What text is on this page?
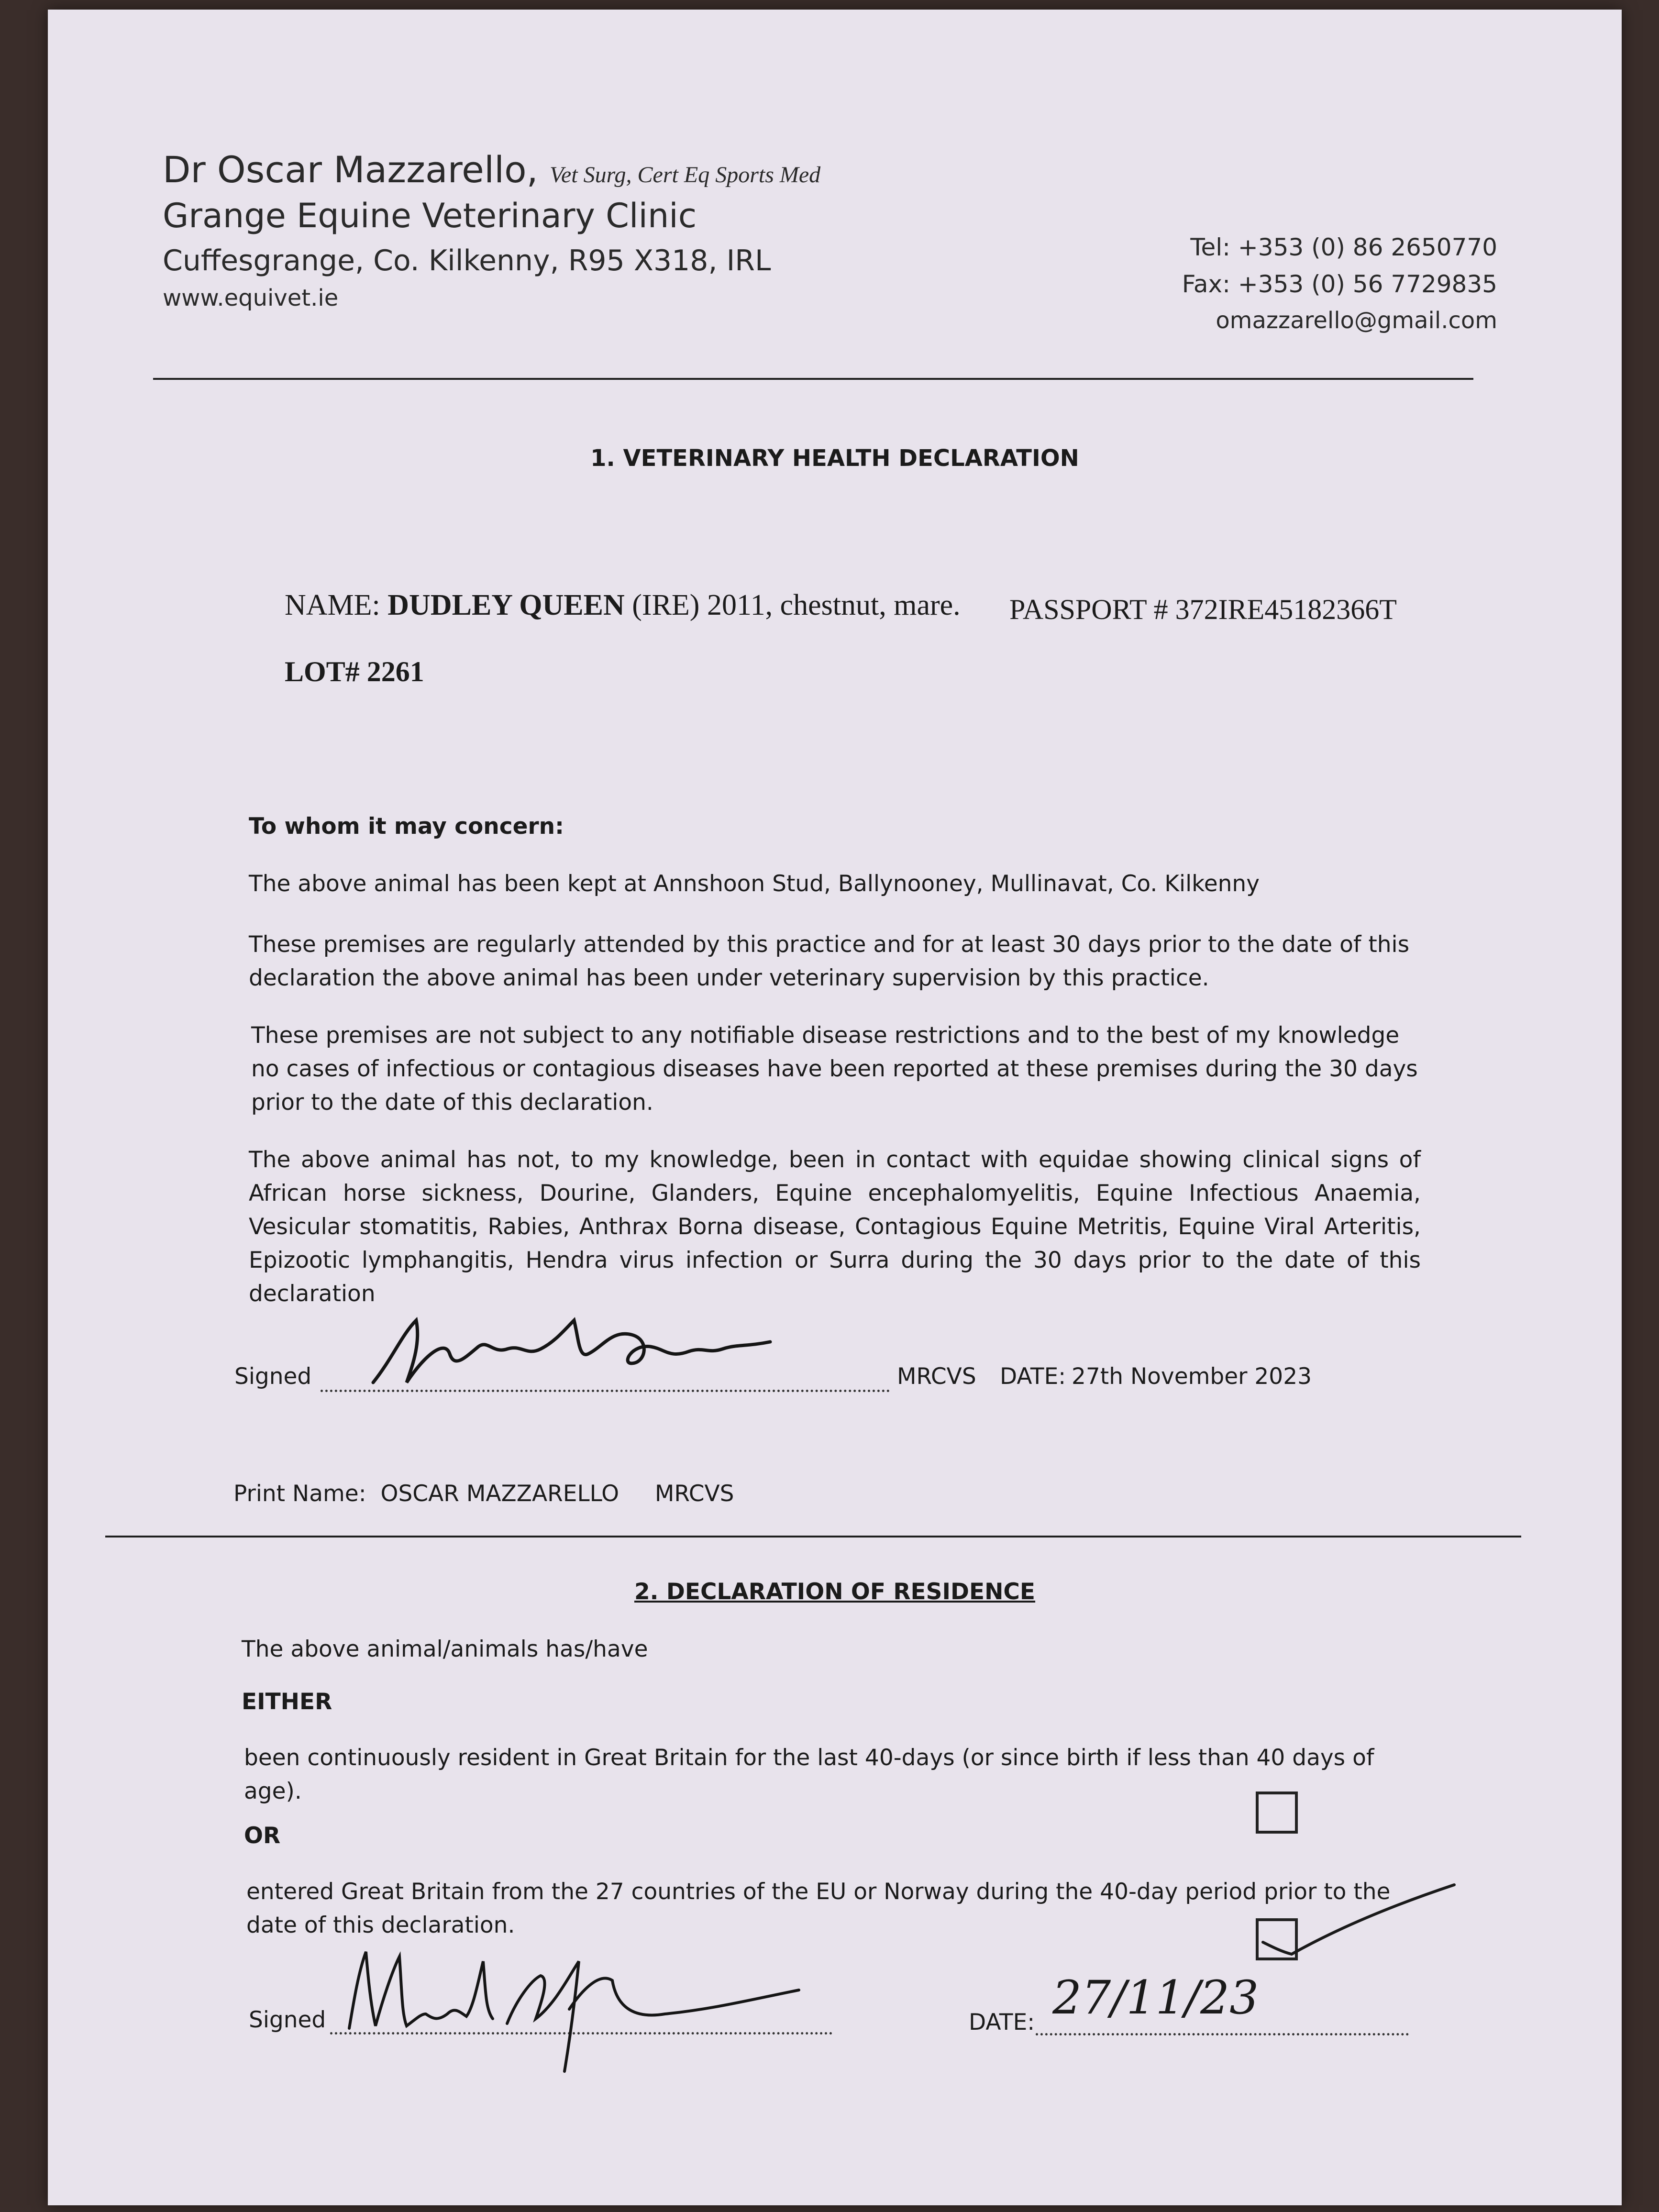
Dr Oscar Mazzarello, Vet Surg, Cert Eq Sports Med
Grange Equine Veterinary Clinic
Cuffesgrange, Co. Kilkenny, R95 X318, IRL
www.equivet.ie
Tel: +353 (0) 86 2650770
Fax: +353 (0) 56 7729835
omazzarello@gmail.com
1. VETERINARY HEALTH DECLARATION
NAME: DUDLEY QUEEN (IRE) 2011, chestnut, mare. PASSPORT # 372IRE45182366T
LOT# 2261
To whom it may concern:
The above animal has been kept at Annshoon Stud, Ballynooney, Mullinavat, Co. Kilkenny
These premises are regularly attended by this practice and for at least 30 days prior to the date of this declaration the above animal has been under veterinary supervision by this practice.
These premises are not subject to any notifiable disease restrictions and to the best of my knowledge no cases of infectious or contagious diseases have been reported at these premises during the 30 days prior to the date of this declaration.
The above animal has not, to my knowledge, been in contact with equidae showing clinical signs of African horse sickness, Dourine, Glanders, Equine encephalomyelitis, Equine Infectious Anaemia, Vesicular stomatitis, Rabies, Anthrax Borna disease, Contagious Equine Metritis, Equine Viral Arteritis, Epizootic lymphangitis, Hendra virus infection or Surra during the 30 days prior to the date of this declaration
Signed	MRCVS DATE: 27th November 2023
Print Name: OSCAR MAZZARELLO MRCVS
2. DECLARATION OF RESIDENCE
The above animal/animals has/have
EITHER
been continuously resident in Great Britain for the last 40-days (or since birth if less than 40 days of age).
OR
entered Great Britain from the 27 countries of the EU or Norway during the 40-day period prior to the date of this declaration.
Signed	DATE: 27/11/23
